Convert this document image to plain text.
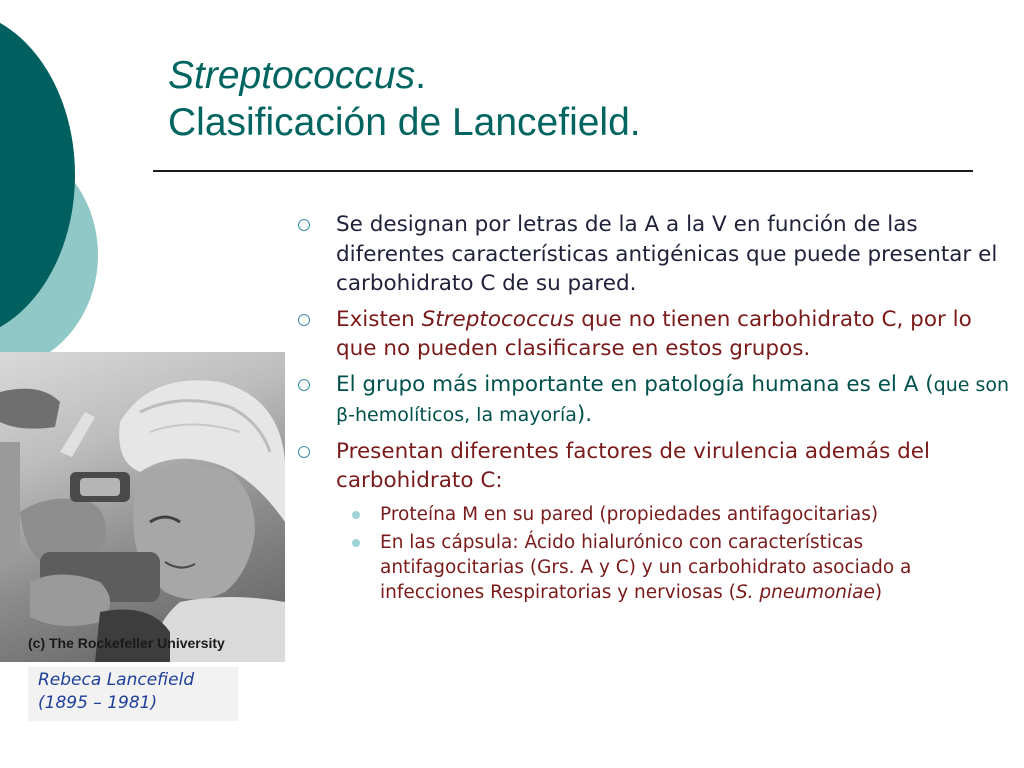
Streptococcus.
Clasificación de Lancefield.
(c) The Rockefeller University
Rebeca Lancefield
(1895 – 1981)
Se designan por letras de la A a la V en función de las diferentes características antigénicas que puede presentar el carbohidrato C de su pared.
Existen Streptococcus que no tienen carbohidrato C, por lo que no pueden clasificarse en estos grupos.
El grupo más importante en patología humana es el A (que son β-hemolíticos, la mayoría).
Presentan diferentes factores de virulencia además del carbohidrato C:
Proteína M en su pared (propiedades antifagocitarias)
En las cápsula: Ácido hialurónico con características antifagocitarias (Grs. A y C) y un carbohidrato asociado a infecciones Respiratorias y nerviosas (S. pneumoniae)
